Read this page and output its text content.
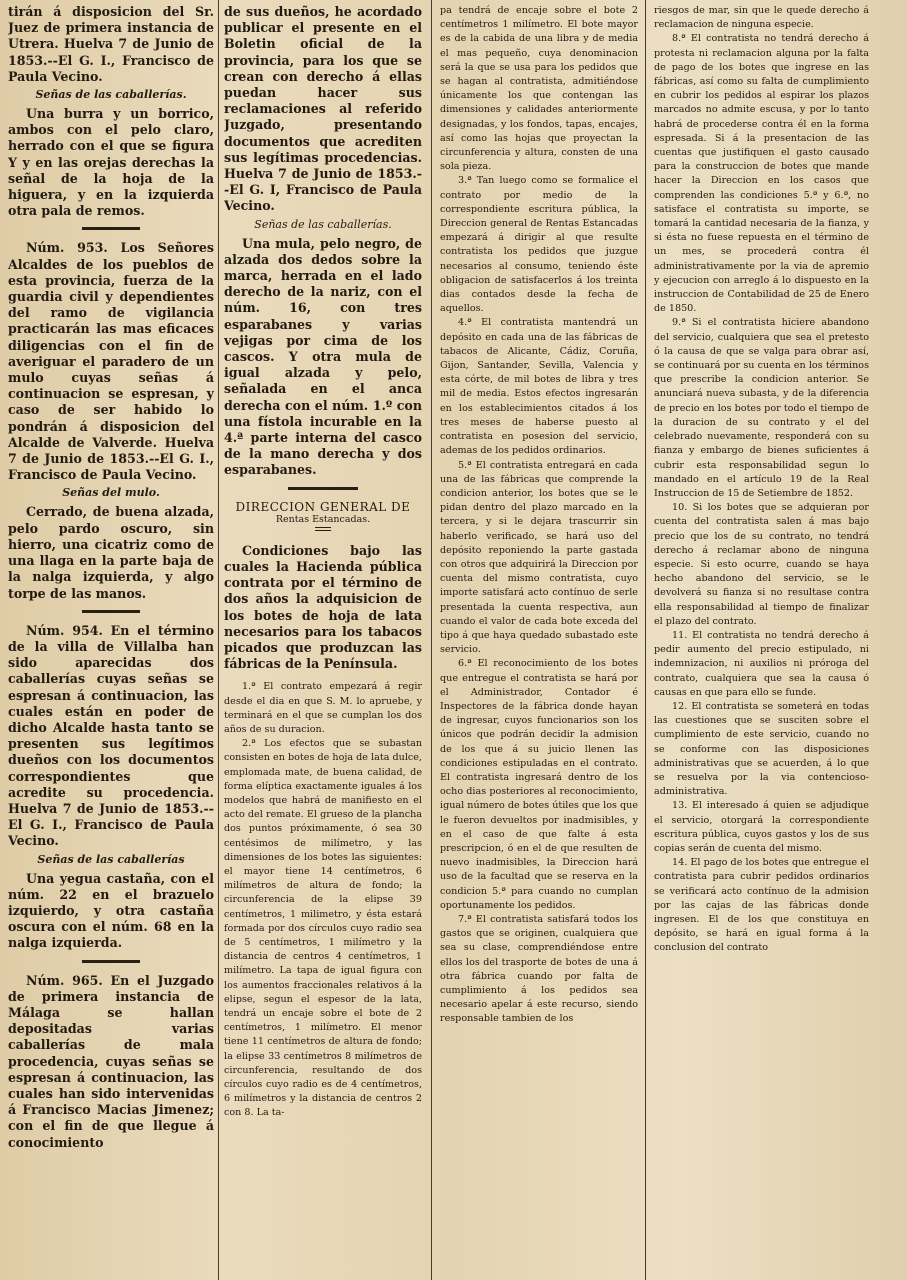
tirán á disposicion del Sr. Juez de primera instancia de Utrera. Huelva 7 de Junio de 1853.--El G. I., Francisco de Paula Vecino.

Señas de las caballerías.

Una burra y un borrico, ambos con el pelo claro, herrado con el que se figura Y y en las orejas derechas la señal de la hoja de la higuera, y en la izquierda otra pala de remos.

Núm. 953. Los Señores Alcaldes de los pueblos de esta provincia, fuerza de la guardia civil y dependientes del ramo de vigilancia practicarán las mas eficaces diligencias con el fin de averiguar el paradero de un mulo cuyas señas á continuacion se espresan, y caso de ser habido lo pondrán á disposicion del Alcalde de Valverde. Huelva 7 de Junio de 1853.--El G. I., Francisco de Paula Vecino.

Señas del mulo.

Cerrado, de buena alzada, pelo pardo oscuro, sin hierro, una cicatriz como de una llaga en la parte baja de la nalga izquierda, y algo torpe de las manos.

Núm. 954. En el término de la villa de Villalba han sido aparecidas dos caballerías cuyas señas se espresan á continuacion, las cuales están en poder de dicho Alcalde hasta tanto se presenten sus legítimos dueños con los documentos correspondientes que acredite su procedencia. Huelva 7 de Junio de 1853.--El G. I., Francisco de Paula Vecino.

Señas de las caballerías

Una yegua castaña, con el núm. 22 en el brazuelo izquierdo, y otra castaña oscura con el núm. 68 en la nalga izquierda.

Núm. 965. En el Juzgado de primera instancia de Málaga se hallan depositadas varias caballerías de mala procedencia, cuyas señas se espresan á continuacion, las cuales han sido intervenidas á Francisco Macias Jimenez; con el fin de que llegue á conocimiento

de sus dueños, he acordado publicar el presente en el Boletin oficial de la provincia, para los que se crean con derecho á ellas puedan hacer sus reclamaciones al referido Juzgado, presentando documentos que acrediten sus legítimas procedencias. Huelva 7 de Junio de 1853.--El G. I, Francisco de Paula Vecino.

Señas de las caballerías.

Una mula, pelo negro, de alzada dos dedos sobre la marca, herrada en el lado derecho de la nariz, con el núm. 16, con tres esparabanes y varias vejigas por cima de los cascos. Y otra mula de igual alzada y pelo, señalada en el anca derecha con el núm. 1.º con una fístola incurable en la 4.ª parte interna del casco de la mano derecha y dos esparabanes.

DIRECCION GENERAL DE
Rentas Estancadas.

Condiciones bajo las cuales la Hacienda pública contrata por el término de dos años la adquisicion de los botes de hoja de lata necesarios para los tabacos picados que produzcan las fábricas de la Península.

1.ª El contrato empezará á regir desde el dia en que S. M. lo apruebe, y terminará en el que se cumplan los dos años de su duracion.

2.ª Los efectos que se subastan consisten en botes de hoja de lata dulce, emplomada mate, de buena calidad, de forma elíptica exactamente iguales á los modelos que habrá de manifiesto en el acto del remate. El grueso de la plancha dos puntos próximamente, ó sea 30 centésimos de milímetro, y las dimensiones de los botes las siguientes: el mayor tiene 14 centímetros, 6 milímetros de altura de fondo; la circunferencia de la elipse 39 centímetros, 1 milimetro, y ésta estará formada por dos círculos cuyo radio sea de 5 centímetros, 1 milímetro y la distancia de centros 4 centímetros, 1 milímetro. La tapa de igual figura con los aumentos fraccionales relativos á la elipse, segun el espesor de la lata, tendrá un encaje sobre el bote de 2 centímetros, 1 milímetro. El menor tiene 11 centímetros de altura de fondo; la elipse 33 centímetros 8 milímetros de circunferencia, resultando de dos círculos cuyo radio es de 4 centímetros, 6 milímetros y la distancia de centros 2 con 8. La ta-

pa tendrá de encaje sobre el bote 2 centímetros 1 milímetro. El bote mayor es de la cabida de una libra y de media el mas pequeño, cuya denominacion será la que se usa para los pedidos que se hagan al contratista, admitiéndose únicamente los que contengan las dimensiones y calidades anteriormente designadas, y los fondos, tapas, encajes, así como las hojas que proyectan la circunferencia y altura, consten de una sola pieza.

3.ª Tan luego como se formalice el contrato por medio de la correspondiente escritura pública, la Direccion general de Rentas Estancadas empezará á dirigir al que resulte contratista los pedidos que juzgue necesarios al consumo, teniendo éste obligacion de satisfacerlos á los treinta dias contados desde la fecha de aquellos.

4.ª El contratista mantendrá un depósito en cada una de las fábricas de tabacos de Alicante, Cádiz, Coruña, Gijon, Santander, Sevilla, Valencia y esta córte, de mil botes de libra y tres mil de media. Estos efectos ingresarán en los establecimientos citados á los tres meses de haberse puesto al contratista en posesion del servicio, ademas de los pedidos ordinarios.

5.ª El contratista entregará en cada una de las fábricas que comprende la condicion anterior, los botes que se le pidan dentro del plazo marcado en la tercera, y si le dejara trascurrir sin haberlo verificado, se hará uso del depósito reponiendo la parte gastada con otros que adquirirá la Direccion por cuenta del mismo contratista, cuyo importe satisfará acto contínuo de serle presentada la cuenta respectiva, aun cuando el valor de cada bote exceda del tipo á que haya quedado subastado este servicio.

6.ª El reconocimiento de los botes que entregue el contratista se hará por el Administrador, Contador é Inspectores de la fábrica donde hayan de ingresar, cuyos funcionarios son los únicos que podrán decidir la admision de los que á su juicio llenen las condiciones estipuladas en el contrato. El contratista ingresará dentro de los ocho dias posteriores al reconocimiento, igual número de botes útiles que los que le fueron devueltos por inadmisibles, y en el caso de que falte á esta prescripcion, ó en el de que resulten de nuevo inadmisibles, la Direccion hará uso de la facultad que se reserva en la condicion 5.ª para cuando no cumplan oportunamente los pedidos.

7.ª El contratista satisfará todos los gastos que se originen, cualquiera que sea su clase, comprendiéndose entre ellos los del trasporte de botes de una á otra fábrica cuando por falta de cumplimiento á los pedidos sea necesario apelar á este recurso, siendo responsable tambien de los

riesgos de mar, sin que le quede derecho á reclamacion de ninguna especie.

8.ª El contratista no tendrá derecho á protesta ni reclamacion alguna por la falta de pago de los botes que ingrese en las fábricas, así como su falta de cumplimiento en cubrir los pedidos al espirar los plazos marcados no admite escusa, y por lo tanto habrá de procederse contra él en la forma espresada. Si á la presentacion de las cuentas que justifiquen el gasto causado para la construccion de botes que mande hacer la Direccion en los casos que comprenden las condiciones 5.ª y 6.ª, no satisface el contratista su importe, se tomará la cantidad necesaria de la fianza, y si ésta no fuese repuesta en el término de un mes, se procederá contra él administrativamente por la via de apremio y ejecucion con arreglo á lo dispuesto en la instruccion de Contabilidad de 25 de Enero de 1850.

9.ª Si el contratista hiciere abandono del servicio, cualquiera que sea el pretesto ó la causa de que se valga para obrar así, se continuará por su cuenta en los términos que prescribe la condicion anterior. Se anunciará nueva subasta, y de la diferencia de precio en los botes por todo el tiempo de la duracion de su contrato y el del celebrado nuevamente, responderá con su fianza y embargo de bienes suficientes á cubrir esta responsabilidad segun lo mandado en el artículo 19 de la Real Instruccion de 15 de Setiembre de 1852.

10. Si los botes que se adquieran por cuenta del contratista salen á mas bajo precio que los de su contrato, no tendrá derecho á reclamar abono de ninguna especie. Si esto ocurre, cuando se haya hecho abandono del servicio, se le devolverá su fianza si no resultase contra ella responsabilidad al tiempo de finalizar el plazo del contrato.

11. El contratista no tendrá derecho á pedir aumento del precio estipulado, ni indemnizacion, ni auxilios ni prórogа del contrato, cualquiera que sea la causa ó causas en que para ello se funde.

12. El contratista se someterá en todas las cuestiones que se susciten sobre el cumplimiento de este servicio, cuando no se conforme con las disposiciones administrativas que se acuerden, á lo que se resuelva por la via contencioso-administrativa.

13. El interesado á quien se adjudique el servicio, otorgará la correspondiente escritura pública, cuyos gastos y los de sus copias serán de cuenta del mismo.

14. El pago de los botes que entregue el contratista para cubrir pedidos ordinarios se verificará acto contínuo de la admision por las cajas de las fábricas donde ingresen. El de los que constituya en depósito, se hará en igual forma á la conclusion del contrato
